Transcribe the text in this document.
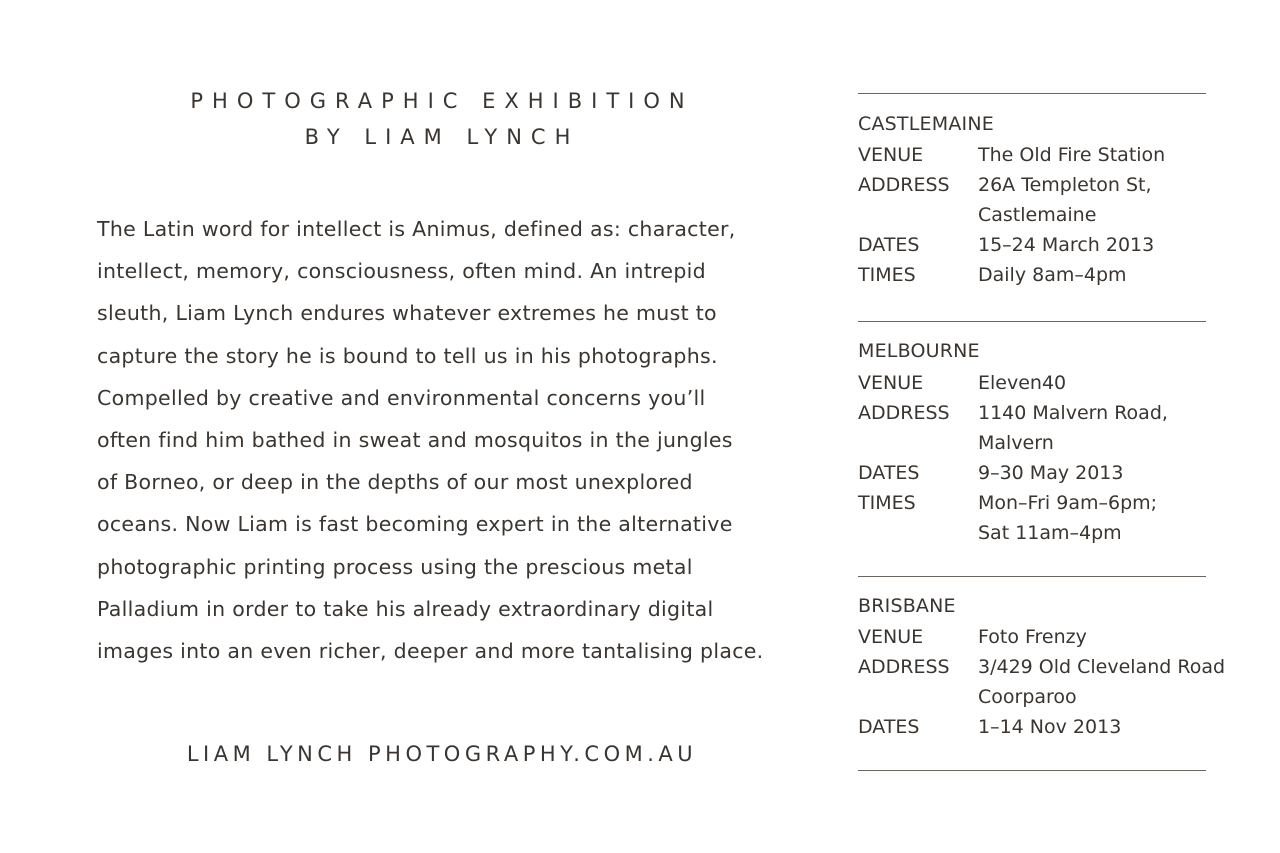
PHOTOGRAPHIC EXHIBITION
BY LIAM LYNCH

The Latin word for intellect is Animus, defined as: character,
intellect, memory, consciousness, often mind. An intrepid
sleuth, Liam Lynch endures whatever extremes he must to
capture the story he is bound to tell us in his photographs.
Compelled by creative and environmental concerns you’ll
often find him bathed in sweat and mosquitos in the jungles
of Borneo, or deep in the depths of our most unexplored
oceans. Now Liam is fast becoming expert in the alternative
photographic printing process using the prescious metal
Palladium in order to take his already extraordinary digital
images into an even richer, deeper and more tantalising place.

LIAM LYNCH PHOTOGRAPHY.COM.AU

CASTLEMAINE
VENUE	The Old Fire Station
ADDRESS 26A Templeton St,
Castlemaine
DATES	15–24 March 2013
TIMES	Daily 8am–4pm
MELBOURNE
VENUE	Eleven40
ADDRESS 1140 Malvern Road,
Malvern
DATES	9–30 May 2013
TIMES	Mon–Fri 9am–6pm;
Sat 11am–4pm
BRISBANE
VENUE	Foto Frenzy
ADDRESS 3/429 Old Cleveland Road
Coorparoo
DATES	1–14 Nov 2013
